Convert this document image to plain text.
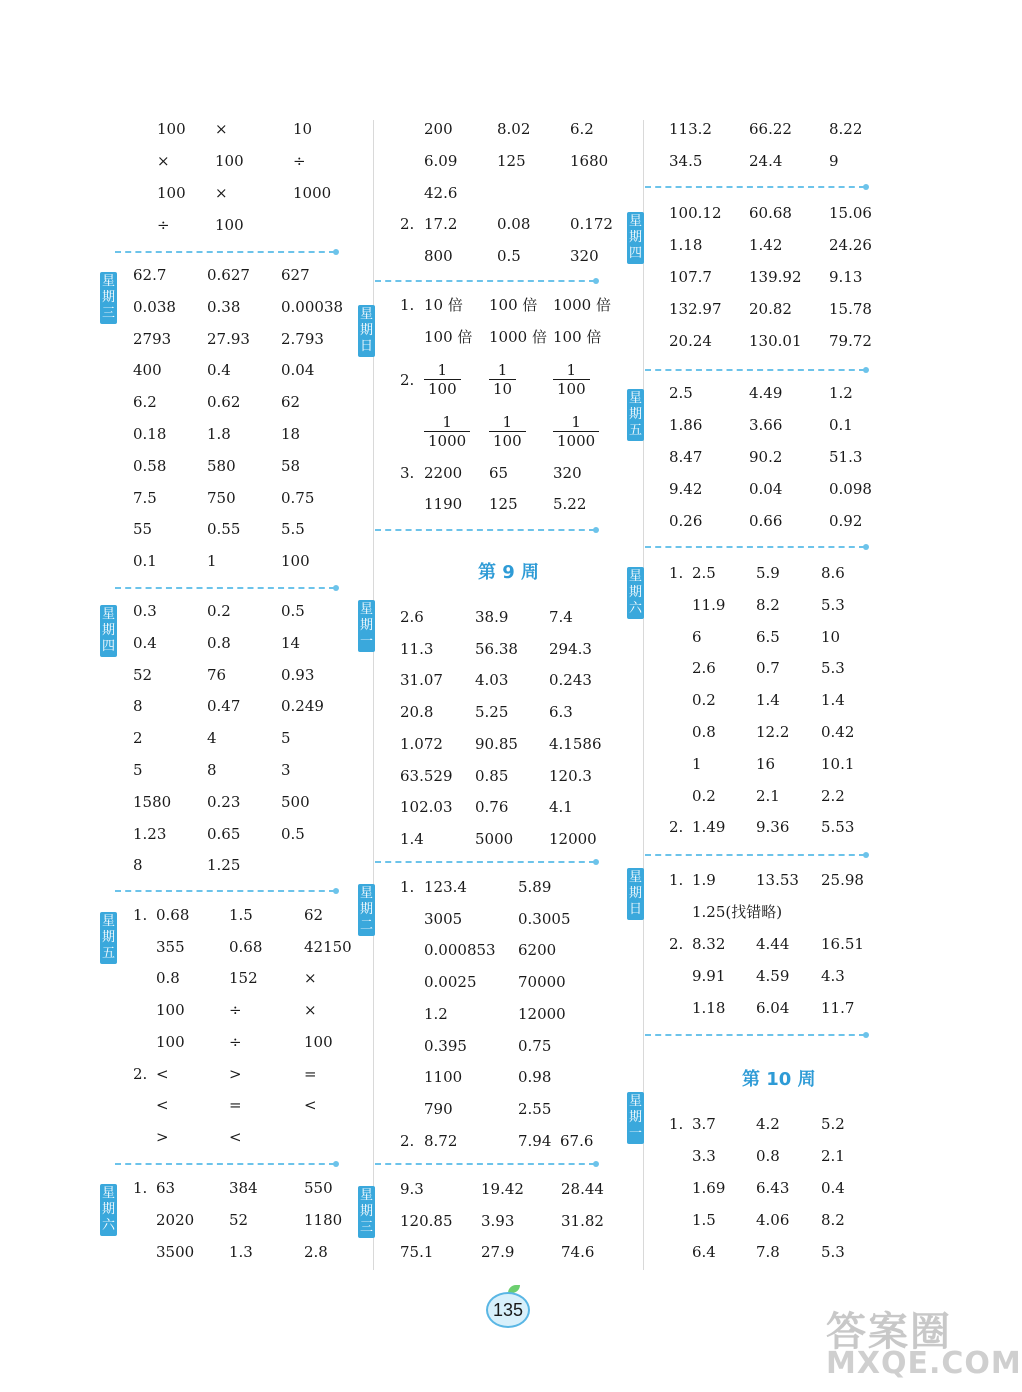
100 ×	10
×	100	÷
100 ×	1000
÷	100
星
期
三
62.7	0.627 627
0.038 0.38	0.00038
2793 27.93 2.793
400	0.4	0.04
6.2	0.62	62
0.18	1.8	18
0.58	580	58
7.5	750	0.75
55	0.55	5.5
0.1	1	100
星
期
四
0.3	0.2	0.5
0.4	0.8	14
52	76	0.93
8	0.47	0.249
2	4	5
5	8	3
1580 0.23	500
1.23	0.65	0.5
8	1.25
星
期
五
1. 0.68	1.5	62
355	0.68	42150
0.8	152	×
100	÷	×
100	÷	100
2. <	>	=
<	=	<
>	<
星
期
六
1. 63	384	550
2020 52	1180
3500 1.3	2.8
200	8.02	6.2
6.09	125	1680
42.6
2. 17.2	0.08	0.172
800	0.5	320
星
期
日
1. 10 倍 100 倍 1000 倍
100 倍 1000 倍 100 倍
2. $\frac{1}{100} \frac{1}{10} \frac{1}{100}$
$\frac{1}{1000} \frac{1}{100} \frac{1}{1000}$
3. 2200 65	320
1190 125 5.22
第 9 周
星
期
一
2.6	38.9	7.4
11.3	56.38 294.3
31.07 4.03	0.243
20.8	5.25	6.3
1.072 90.85 4.1586
63.529 0.85	120.3
102.03 0.76	4.1
1.4	5000 12000
星
期
二
1. 123.4	5.89
3005	0.3005
0.000853 6200
0.0025	70000
1.2	12000
0.395	0.75
1100	0.98
790	2.55
2. 8.72	7.94 67.6
星
期
三
9.3	19.42 28.44
120.85 3.93	31.82
75.1	27.9	74.6
113.2 66.22 8.22
34.5	24.4	9
星
期
四
100.12 60.68 15.06
1.18	1.42	24.26
107.7 139.92 9.13
132.97 20.82 15.78
20.24 130.01 79.72
星
期
五
2.5	4.49	1.2
1.86	3.66	0.1
8.47	90.2	51.3
9.42	0.04	0.098
0.26	0.66	0.92
星
期
六
1. 2.5	5.9	8.6
11.9 8.2	5.3
6	6.5	10
2.6	0.7	5.3
0.2	1.4	1.4
0.8	12.2 0.42
1	16	10.1
0.2	2.1	2.2
2. 1.49 9.36 5.53
星
期
日
1. 1.9	13.53 25.98
1.25(找错略)
2. 8.32 4.44 16.51
9.91 4.59 4.3
1.18 6.04 11.7
第 10 周
星
期
一
1. 3.7	4.2	5.2
3.3	0.8	2.1
1.69 6.43 0.4
1.5	4.06 8.2
6.4	7.8	5.3
135	答案圈
MXQE.COM
